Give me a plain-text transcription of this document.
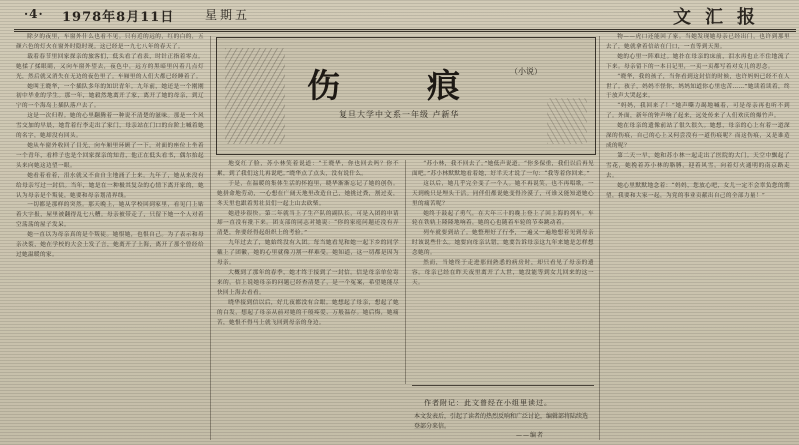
·4· 1978年8月11日	星期五	文汇报

除夕的夜里，车窗外什么也看不见。只有近的远的，红的白的，五颜六色的灯火在窗外时隐时现。这已经是一九七八年的春天了。

载着春节里回家探亲的旅客们，低头看了看表，时针正指着零点。她揉了揉眼睛，又向车窗外望去，夜色中，远方的黑暗里闪着几点灯光，然后就又消失在无边的夜色里了。车厢里的人们大都已经睡着了。

她叫王晓华，一个插队多年的知识青年。九年前，她还是一个刚刚初中毕业的学生。那一年，她毅然地离开了家，离开了她的母亲，到辽宁的一个海岛上插队落户去了。

这是一次归程。她的心里翻腾着一种说不清楚的滋味。那是一个风雪交加的早晨，她背着行李走出了家门，母亲站在门口的台阶上喊着她的名字，她却没有回头。

她从车窗外收回了目光，向车厢里环顾了一下。对面的座位上坐着一个青年，看样子也是个回家探亲的知青，他正在低头看书，偶尔抬起头来向她这边望一眼。

她看着看着，泪水就又不由自主地涌了上来。九年了，她从来没有给母亲写过一封信。当年，她是在一种极其复杂的心情下离开家的，她认为母亲是个叛徒，她要和母亲划清界线。

一切都是那样的突然。那天晚上，她从学校回到家里，看见门上贴着大字报，屋里被翻得乱七八糟。母亲被带走了，只留下她一个人对着空荡荡的屋子发呆。

她一直以为母亲真的是个叛徒。她恨她，也恨自己。为了表示和母亲决裂，她在学校的大会上发了言，她离开了上海，离开了那个曾经给过她温暖的家。

伤	痕	（小说）
复旦大学中文系一年级 卢新华

地变红了脸，苏小林笑着说道：“王晓华，你也回去吗？你不累，到了我们这儿再说吧。”晓华点了点头，没有说什么。

于是，在温暖的集体生活的怀抱里，晓华渐渐忘记了她的创伤。她拼命地劳动，一心想在广阔天地里改造自己，她挑过粪，割过麦，冬天里也跟着男社员们一起上山去砍柴。

她进步很快。第二年就当上了生产队的副队长，可是入团的申请却一直没有批下来。团支部的同志对她说：“你的家庭问题还没有弄清楚，你要经得起组织上的考验。”

九年过去了，她始终没有入团。每当她看见和她一起下乡的同学戴上了团徽，她的心里就像刀割一样难受。她知道，这一切都是因为母亲。

大概到了那年的春季，她才终于接到了一封信。信是母亲单位寄来的，信上说她母亲的问题已经查清楚了，是一个冤案，希望她能尽快回上海去看看。

晓华接到信以后，好几夜都没有合眼。她想起了母亲，想起了她的白发，想起了母亲从前对她的千般疼爱、万般温存。她后悔，她痛苦，她恨不得马上就飞回到母亲的身边。

“苏小林，我不回去了。”她低声说道。“你多保重，我们以后再见面吧。”苏小林默默地看着她，好半天才说了一句：“我等着你回来。”

这以后，她几乎完全变了一个人。她不再说笑，也不再唱歌，一天到晚只是埋头干活。同伴们都说她变得冷漠了，可谁又能知道她心里的痛苦呢？

她终于鼓起了勇气，在大年三十的晚上登上了回上海的列车。车轮在铁轨上隆隆地响着，她的心也随着车轮的节奏跳动着。

列车就要到站了。她整理好了行李，一遍又一遍地想着见到母亲时该说些什么。她要向母亲认错，她要告诉母亲这九年来她是怎样想念她的。

然而，当她终于走进那间熟悉的病房时，却只看见了母亲的遗容。母亲已经在昨天夜里离开了人世，她没能等到女儿回来的这一天。

作者附记：此文曾经在小组里读过。
本文发表后，引起了读者的热烈反响和广泛讨论，编辑部将陆续选登部分来信。
——编者

物——虎口还能回了家。当她发现她母亲已经出门，也许到那里去了，她就拿着信站在门口，一直等到天黑。

她的心里一阵难过。她扑在母亲的床前，泪水再也止不住地流了下来。母亲留下的一本日记里，一页一页都写着对女儿的思念。

“晓华，我的孩子，当你看到这封信的时候，也许妈妈已经不在人世了。孩子，妈妈不怪你，妈妈知道你心里也苦……”她读着读着，终于放声大哭起来。

“妈妈，我回来了！”她声嘶力竭地喊着，可是母亲再也听不到了。外面，新年的钟声响了起来，远处传来了人们欢庆的爆竹声。

她在母亲的遗像前站了很久很久。她想，母亲的心上有着一道深深的伤痕，自己的心上又何尝没有一道伤痕呢？而这伤痕，又是谁造成的呢？

第二天一早，她和苏小林一起走出了医院的大门。天空中飘起了雪花，她挽着苏小林的胳膊，迎着风雪，向着灯火通明的南京路走去。

她心里默默地念着：“妈妈，您放心吧，女儿一定不会辜负您的期望，我要和大家一起，为党的事业贡献出自己的全部力量！”
